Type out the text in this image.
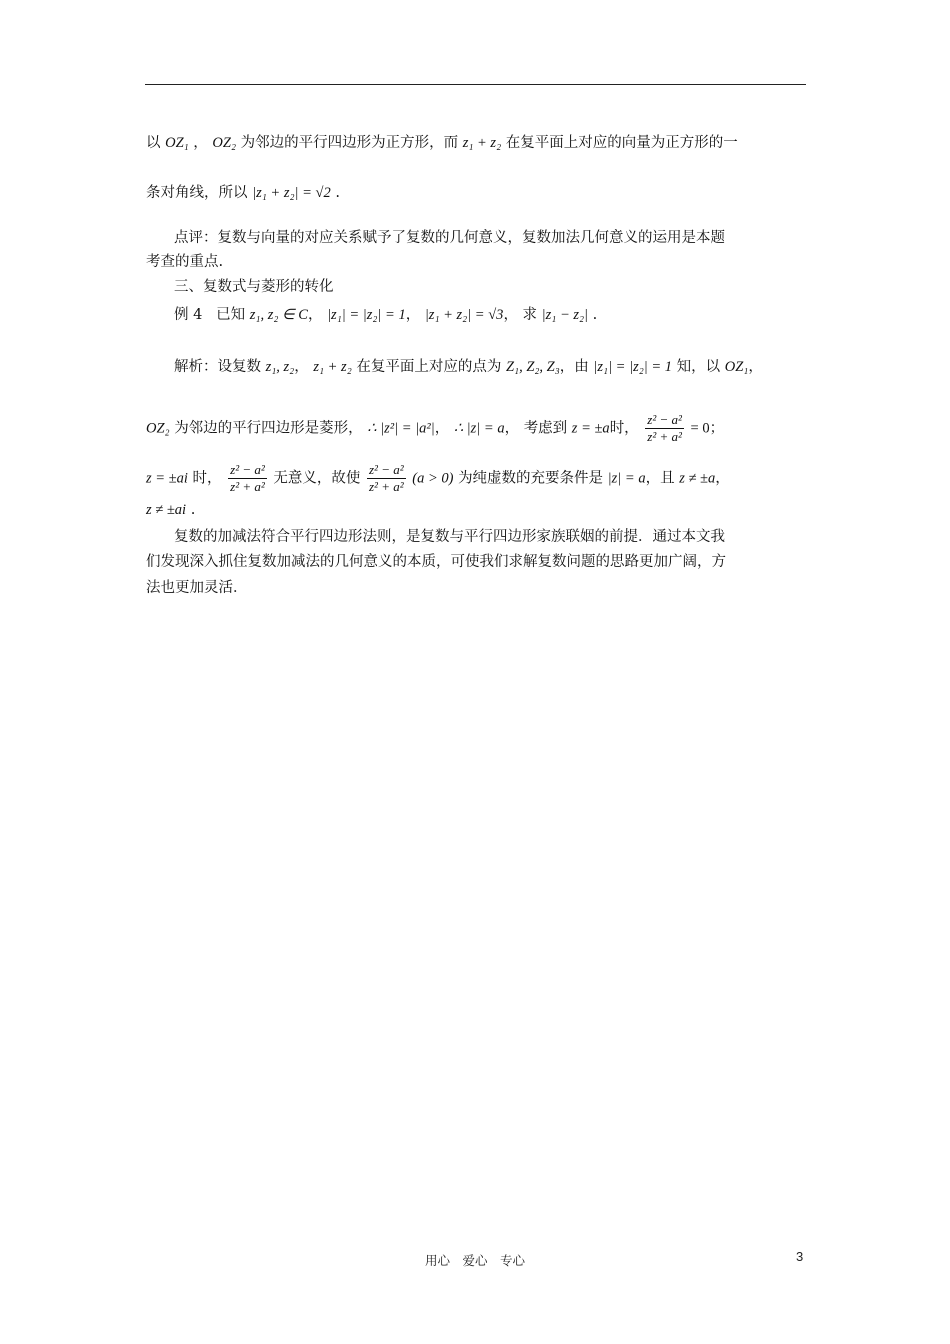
以 OZ₁ ， OZ₂ 为邻边的平行四边形为正方形，而 z₁ + z₂ 在复平面上对应的向量为正方形的一
条对角线，所以 |z₁ + z₂| = √2 .
点评：复数与向量的对应关系赋予了复数的几何意义，复数加法几何意义的运用是本题
考查的重点.
三、复数式与菱形的转化
例 4 已知 z₁, z₂ ∈ C， |z₁| = |z₂| = 1， |z₁ + z₂| = √3， 求 |z₁ − z₂| .
解析：设复数 z₁, z₂， z₁ + z₂ 在复平面上对应的点为 Z₁, Z₂, Z₃，由 |z₁| = |z₂| = 1 知，以 OZ₁，
OZ₂ 为邻边的平行四边形是菱形， ∴ |z²| = |a²|， ∴ |z| = a， 考虑到 z = ±a时， $\frac{\text{z² − a²}}{\text{z² + a²}} = 0$；
z = ±ai 时， $\frac{\text{z² − a²}}{\text{z² + a²}}$ 无意义，故使 $\frac{\text{z² − a²}}{\text{z² + a²}} (a > 0)$ 为纯虚数的充要条件是 |z| = a，且 z ≠ ±a，
z ≠ ±ai .
复数的加减法符合平行四边形法则，是复数与平行四边形家族联姻的前提．通过本文我
们发现深入抓住复数加减法的几何意义的本质，可使我们求解复数问题的思路更加广阔，方
法也更加灵活．
用心　爱心　专心	3
